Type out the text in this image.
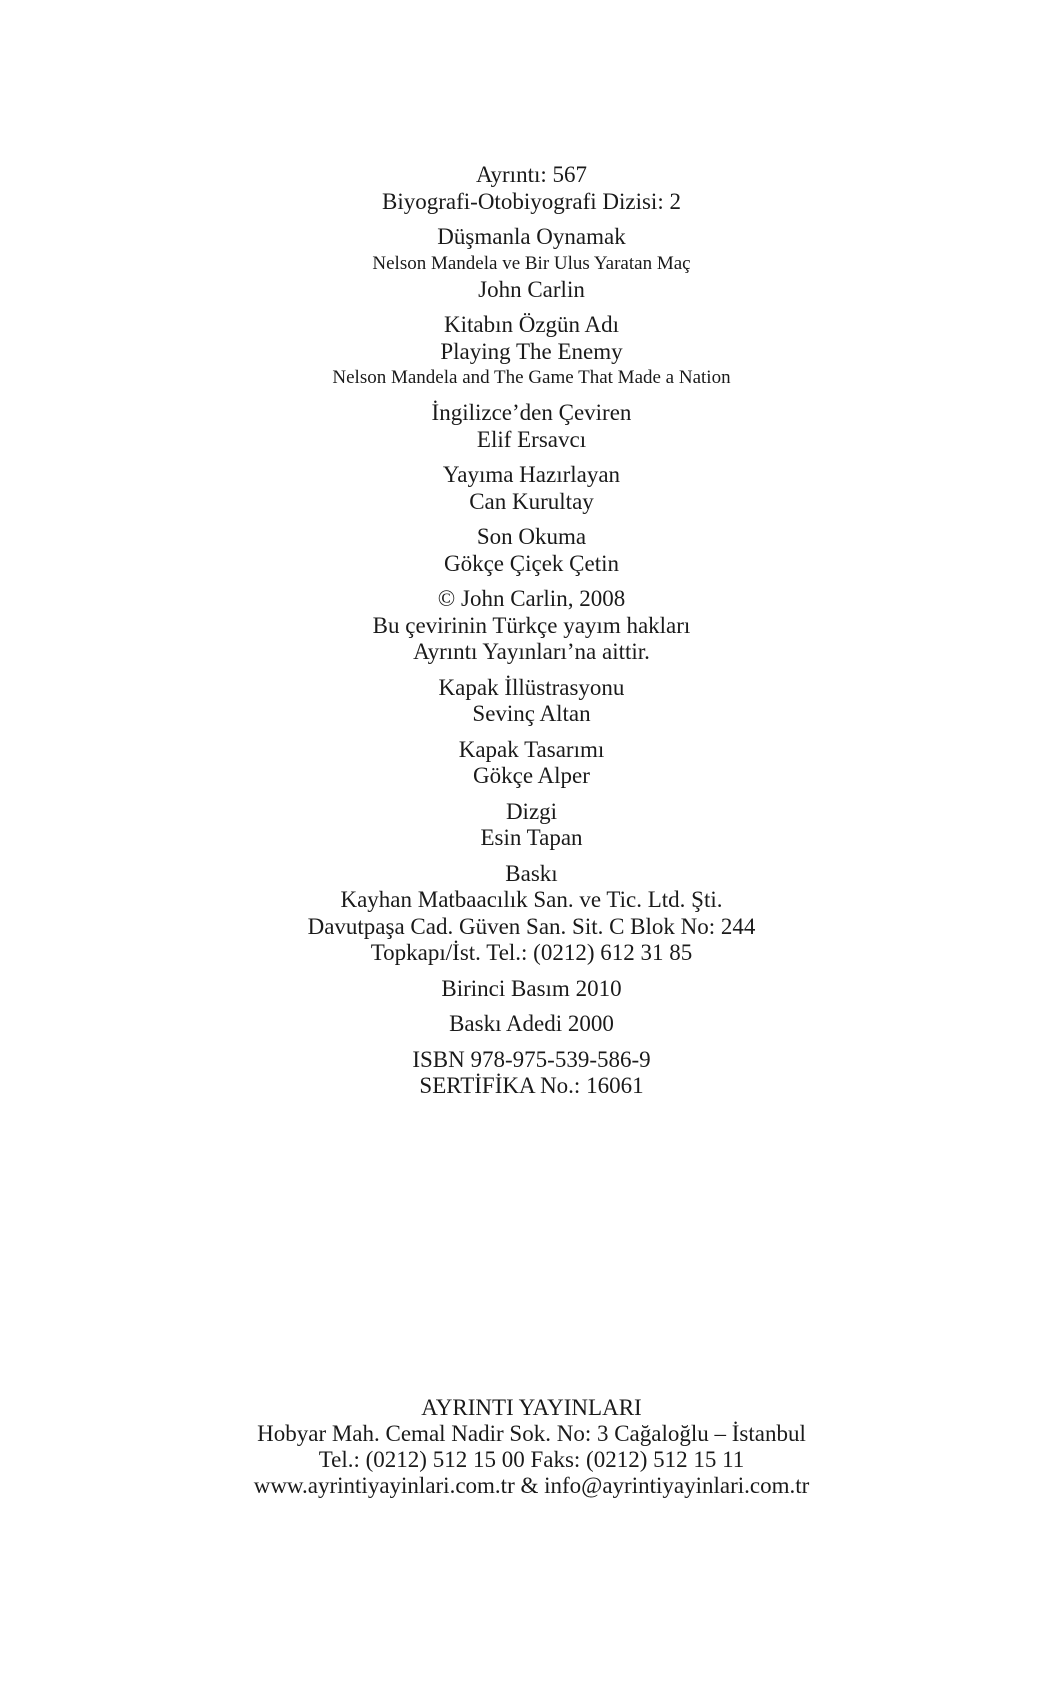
Ayrıntı: 567
Biyografi-Otobiyografi Dizisi: 2
Düşmanla Oynamak
Nelson Mandela ve Bir Ulus Yaratan Maç
John Carlin
Kitabın Özgün Adı
Playing The Enemy
Nelson Mandela and The Game That Made a Nation
İngilizce’den Çeviren
Elif Ersavcı
Yayıma Hazırlayan
Can Kurultay
Son Okuma
Gökçe Çiçek Çetin
© John Carlin, 2008
Bu çevirinin Türkçe yayım hakları
Ayrıntı Yayınları’na aittir.
Kapak İllüstrasyonu
Sevinç Altan
Kapak Tasarımı
Gökçe Alper
Dizgi
Esin Tapan
Baskı
Kayhan Matbaacılık San. ve Tic. Ltd. Şti.
Davutpaşa Cad. Güven San. Sit. C Blok No: 244
Topkapı/İst. Tel.: (0212) 612 31 85
Birinci Basım 2010
Baskı Adedi 2000
ISBN 978-975-539-586-9
SERTİFİKA No.: 16061
AYRINTI YAYINLARI
Hobyar Mah. Cemal Nadir Sok. No: 3 Cağaloğlu – İstanbul
Tel.: (0212) 512 15 00 Faks: (0212) 512 15 11
www.ayrintiyayinlari.com.tr & info@ayrintiyayinlari.com.tr
